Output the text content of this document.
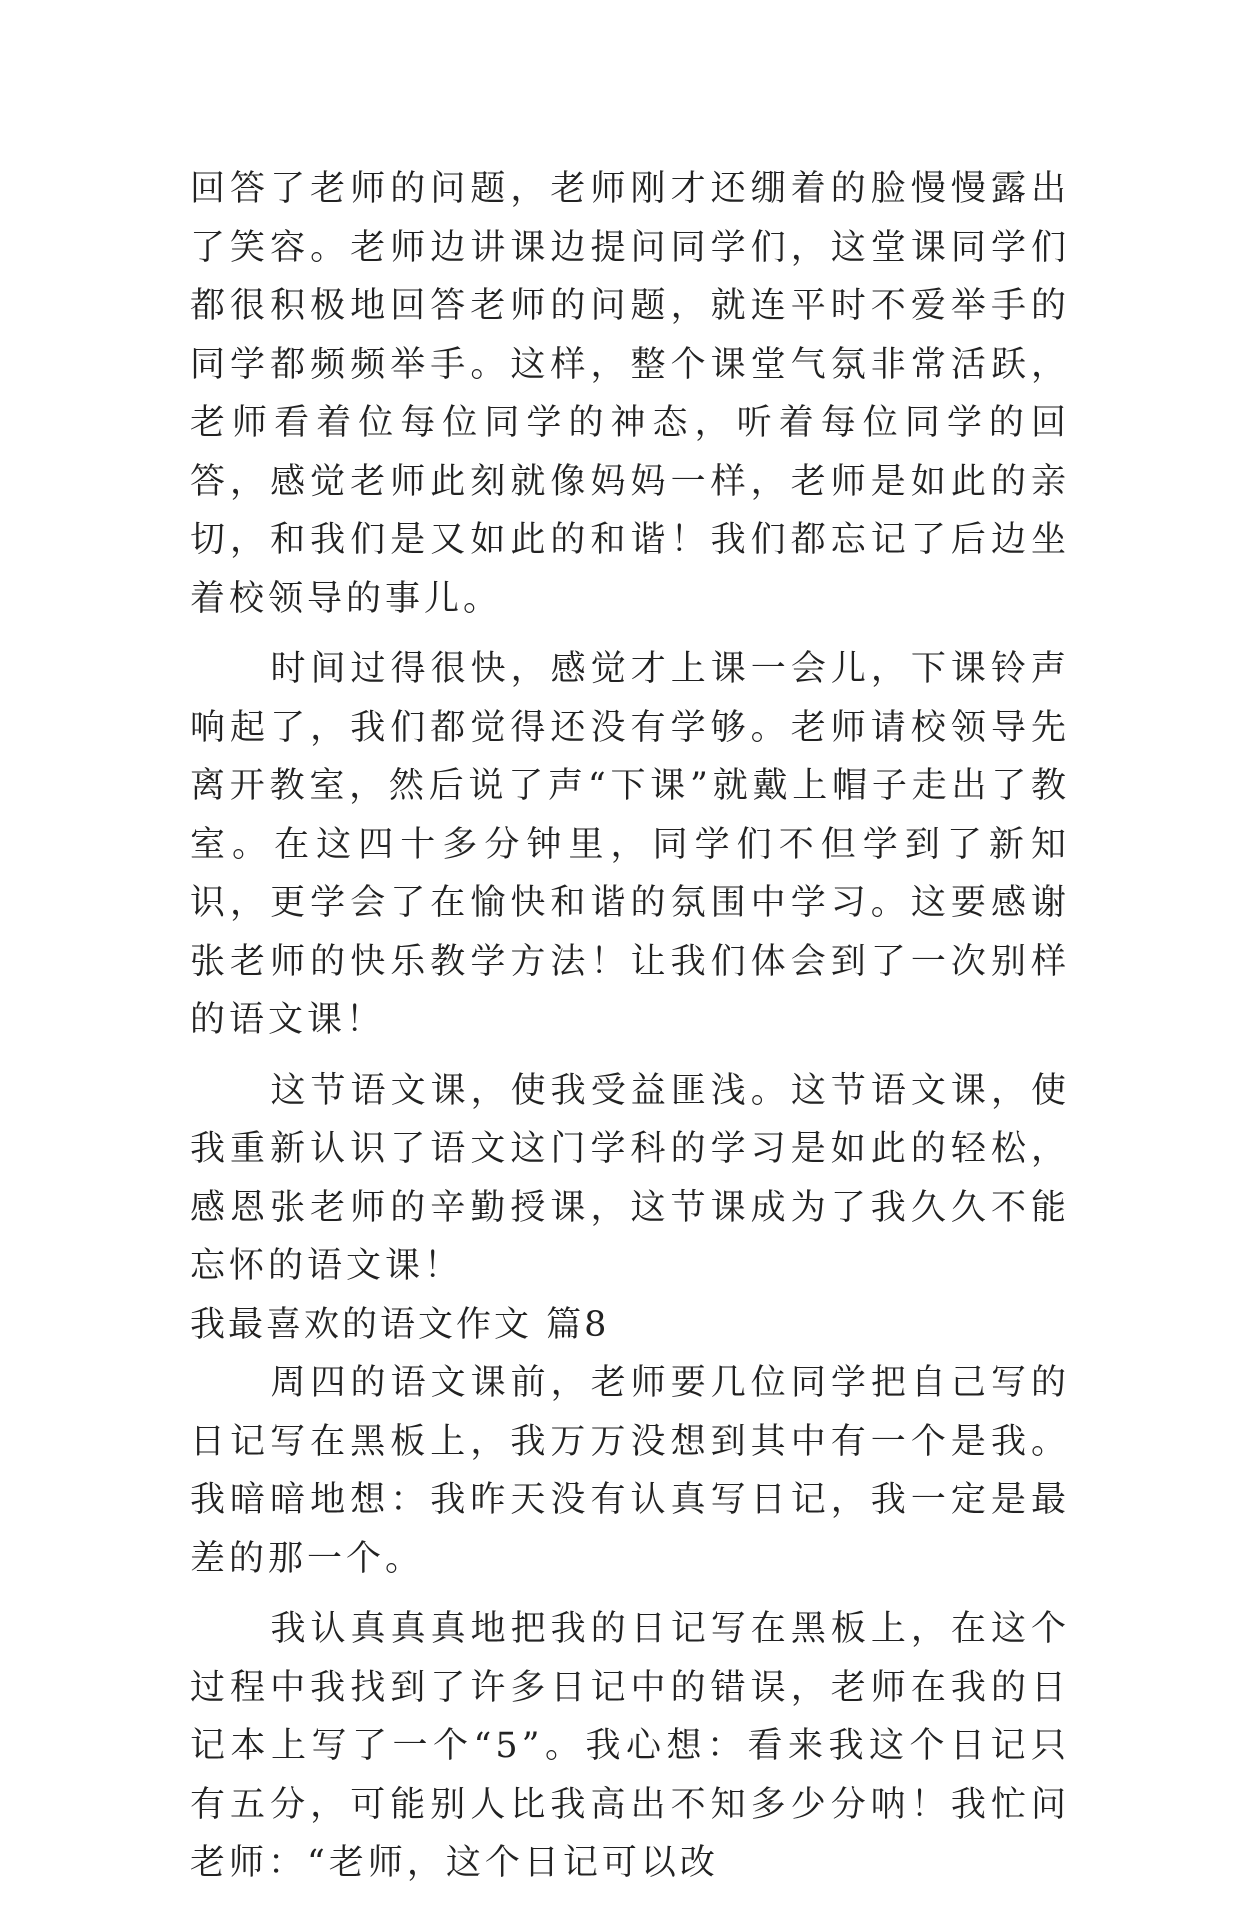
回答了老师的问题，老师刚才还绷着的脸慢慢露出了笑容。老师边讲课边提问同学们，这堂课同学们都很积极地回答老师的问题，就连平时不爱举手的同学都频频举手。这样，整个课堂气氛非常活跃，老师看着位每位同学的神态，听着每位同学的回答，感觉老师此刻就像妈妈一样，老师是如此的亲切，和我们是又如此的和谐！我们都忘记了后边坐着校领导的事儿。

时间过得很快，感觉才上课一会儿，下课铃声响起了，我们都觉得还没有学够。老师请校领导先离开教室，然后说了声“下课”就戴上帽子走出了教室。在这四十多分钟里，同学们不但学到了新知识，更学会了在愉快和谐的氛围中学习。这要感谢张老师的快乐教学方法！让我们体会到了一次别样的语文课！

这节语文课，使我受益匪浅。这节语文课，使我重新认识了语文这门学科的学习是如此的轻松，感恩张老师的辛勤授课，这节课成为了我久久不能忘怀的语文课！

我最喜欢的语文作文 篇8

周四的语文课前，老师要几位同学把自己写的日记写在黑板上，我万万没想到其中有一个是我。我暗暗地想：我昨天没有认真写日记，我一定是最差的那一个。

我认真真真地把我的日记写在黑板上，在这个过程中我找到了许多日记中的错误，老师在我的日记本上写了一个“5”。我心想：看来我这个日记只有五分，可能别人比我高出不知多少分呐！我忙问老师：“老师，这个日记可以改
